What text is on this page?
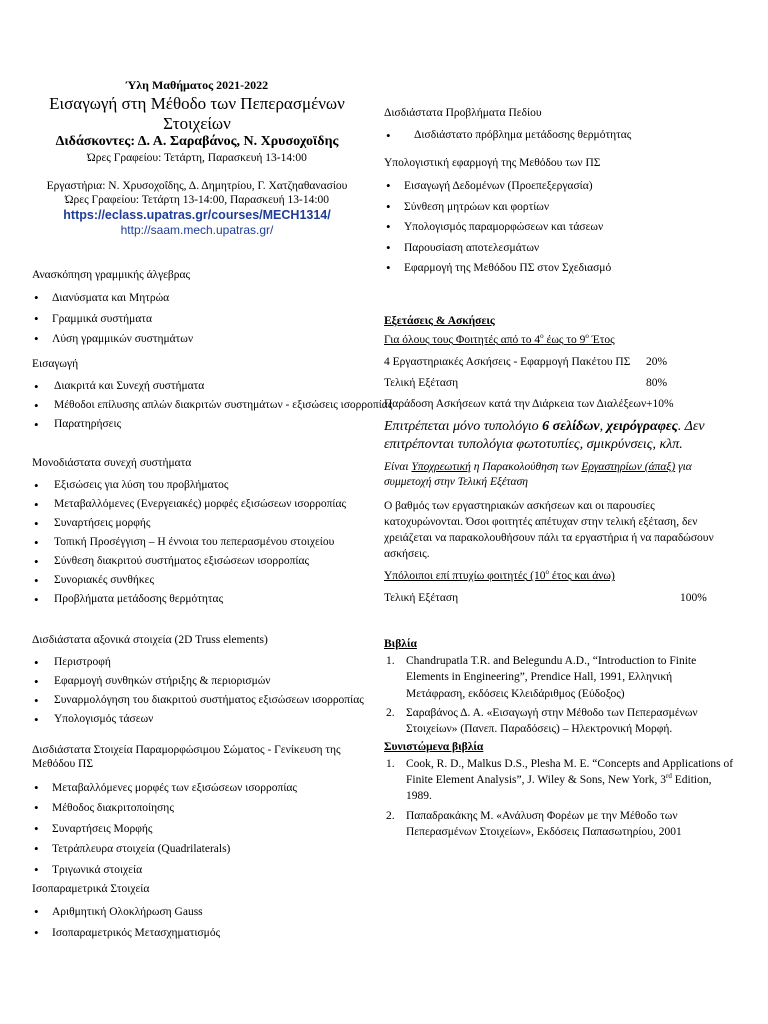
Ύλη Μαθήματος 2021-2022
Εισαγωγή στη Μέθοδο των Πεπερασμένων Στοιχείων
Διδάσκοντες: Δ. Α. Σαραβάνος, Ν. Χρυσοχοϊδης
Ώρες Γραφείου: Τετάρτη, Παρασκευή 13-14:00
Εργαστήρια: Ν. Χρυσοχοΐδης, Δ. Δημητρίου, Γ. Χατζηαθανασίου
Ώρες Γραφείου: Τετάρτη 13-14:00, Παρασκευή 13-14:00
https://eclass.upatras.gr/courses/MECH1314/
http://saam.mech.upatras.gr/
Ανασκόπηση γραμμικής άλγεβρας
• Διανύσματα και Μητρώα
• Γραμμικά συστήματα
• Λύση γραμμικών συστημάτων
Εισαγωγή
• Διακριτά και Συνεχή συστήματα
• Μέθοδοι επίλυσης απλών διακριτών συστημάτων - εξισώσεις ισορροπίας
• Παρατηρήσεις
Μονοδιάστατα συνεχή συστήματα
• Εξισώσεις για λύση του προβλήματος
• Μεταβαλλόμενες (Ενεργειακές) μορφές εξισώσεων ισορροπίας
• Συναρτήσεις μορφής
• Τοπική Προσέγγιση – Η έννοια του πεπερασμένου στοιχείου
• Σύνθεση διακριτού συστήματος εξισώσεων ισορροπίας
• Συνοριακές συνθήκες
• Προβλήματα μετάδοσης θερμότητας
Δισδιάστατα αξονικά στοιχεία (2D Truss elements)
• Περιστροφή
• Εφαρμογή συνθηκών στήριξης & περιορισμών
• Συναρμολόγηση του διακριτού συστήματος εξισώσεων ισορροπίας
• Υπολογισμός τάσεων
Δισδιάστατα Στοιχεία Παραμορφώσιμου Σώματος - Γενίκευση της Μεθόδου ΠΣ
• Μεταβαλλόμενες μορφές των εξισώσεων ισορροπίας
• Μέθοδος διακριτοποίησης
• Συναρτήσεις Μορφής
• Τετράπλευρα στοιχεία (Quadrilaterals)
• Τριγωνικά στοιχεία
Ισοπαραμετρικά Στοιχεία
• Αριθμητική Ολοκλήρωση Gauss
• Ισοπαραμετρικός Μετασχηματισμός
Δισδιάστατα Προβλήματα Πεδίου
• Δισδιάστατο πρόβλημα μετάδοσης θερμότητας
Υπολογιστική εφαρμογή της Μεθόδου των ΠΣ
• Εισαγωγή Δεδομένων (Προεπεξεργασία)
• Σύνθεση μητρώων και φορτίων
• Υπολογισμός παραμορφώσεων και τάσεων
• Παρουσίαση αποτελεσμάτων
• Εφαρμογή της Μεθόδου ΠΣ στον Σχεδιασμό
Εξετάσεις & Ασκήσεις
Για όλους τους Φοιτητές από το $4^o$ έως το $9^o$ Έτος
4 Εργαστηριακές Ασκήσεις - Εφαρμογή Πακέτου ΠΣ 20%
Τελική Εξέταση	80%
Παράδοση Ασκήσεων κατά την Διάρκεια των Διαλέξεων +10%
Επιτρέπεται μόνο τυπολόγιο 6 σελίδων, χειρόγραφες. Δεν επιτρέπονται τυπολόγια φωτοτυπίες, σμικρύνσεις, κλπ.
Είναι Υποχρεωτική η Παρακολούθηση των Εργαστηρίων (άπαξ) για συμμετοχή στην Τελική Εξέταση
Ο βαθμός των εργαστηριακών ασκήσεων και οι παρουσίες κατοχυρώνονται. Όσοι φοιτητές απέτυχαν στην τελική εξέταση, δεν χρειάζεται να παρακολουθήσουν πάλι τα εργαστήρια ή να παραδώσουν ασκήσεις.
Υπόλοιποι επί πτυχίω φοιτητές ($10^o$ έτος και άνω)
Τελική Εξέταση	100%
Βιβλία
1. Chandrupatla T.R. and Belegundu A.D., “Introduction to Finite Elements in Engineering”, Prendice Hall, 1991, Ελληνική Μετάφραση, εκδόσεις Κλειδάριθμος (Εύδοξος)
2. Σαραβάνος Δ. Α. «Εισαγωγή στην Μέθοδο των Πεπερασμένων Στοιχείων» (Πανεπ. Παραδόσεις) – Ηλεκτρονική Μορφή.
Συνιστώμενα βιβλία
1. Cook, R. D., Malkus D.S., Plesha M. E. “Concepts and Applications of Finite Element Analysis”, J. Wiley & Sons, New York, 3rd Edition, 1989.
2. Παπαδρακάκης Μ. «Ανάλυση Φορέων με την Μέθοδο των Πεπερασμένων Στοιχείων», Εκδόσεις Παπασωτηρίου, 2001
